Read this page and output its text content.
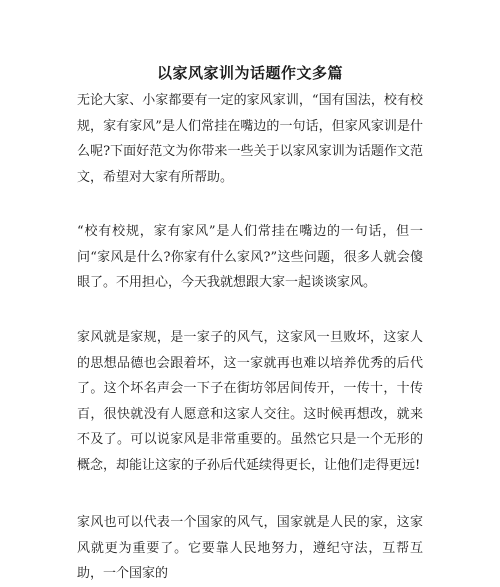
以家风家训为话题作文多篇

无论大家、小家都要有一定的家风家训，“国有国法，校有校规，家有家风”是人们常挂在嘴边的一句话，但家风家训是什么呢?下面好范文为你带来一些关于以家风家训为话题作文范文，希望对大家有所帮助。

“校有校规，家有家风”是人们常挂在嘴边的一句话，但一问“家风是什么?你家有什么家风?”这些问题，很多人就会傻眼了。不用担心，今天我就想跟大家一起谈谈家风。

家风就是家规，是一家子的风气，这家风一旦败坏，这家人的思想品德也会跟着坏，这一家就再也难以培养优秀的后代了。这个坏名声会一下子在街坊邻居间传开，一传十，十传百，很快就没有人愿意和这家人交往。这时候再想改，就来不及了。可以说家风是非常重要的。虽然它只是一个无形的概念，却能让这家的子孙后代延续得更长，让他们走得更远!

家风也可以代表一个国家的风气，国家就是人民的家，这家风就更为重要了。它要靠人民地努力，遵纪守法，互帮互助，一个国家的
